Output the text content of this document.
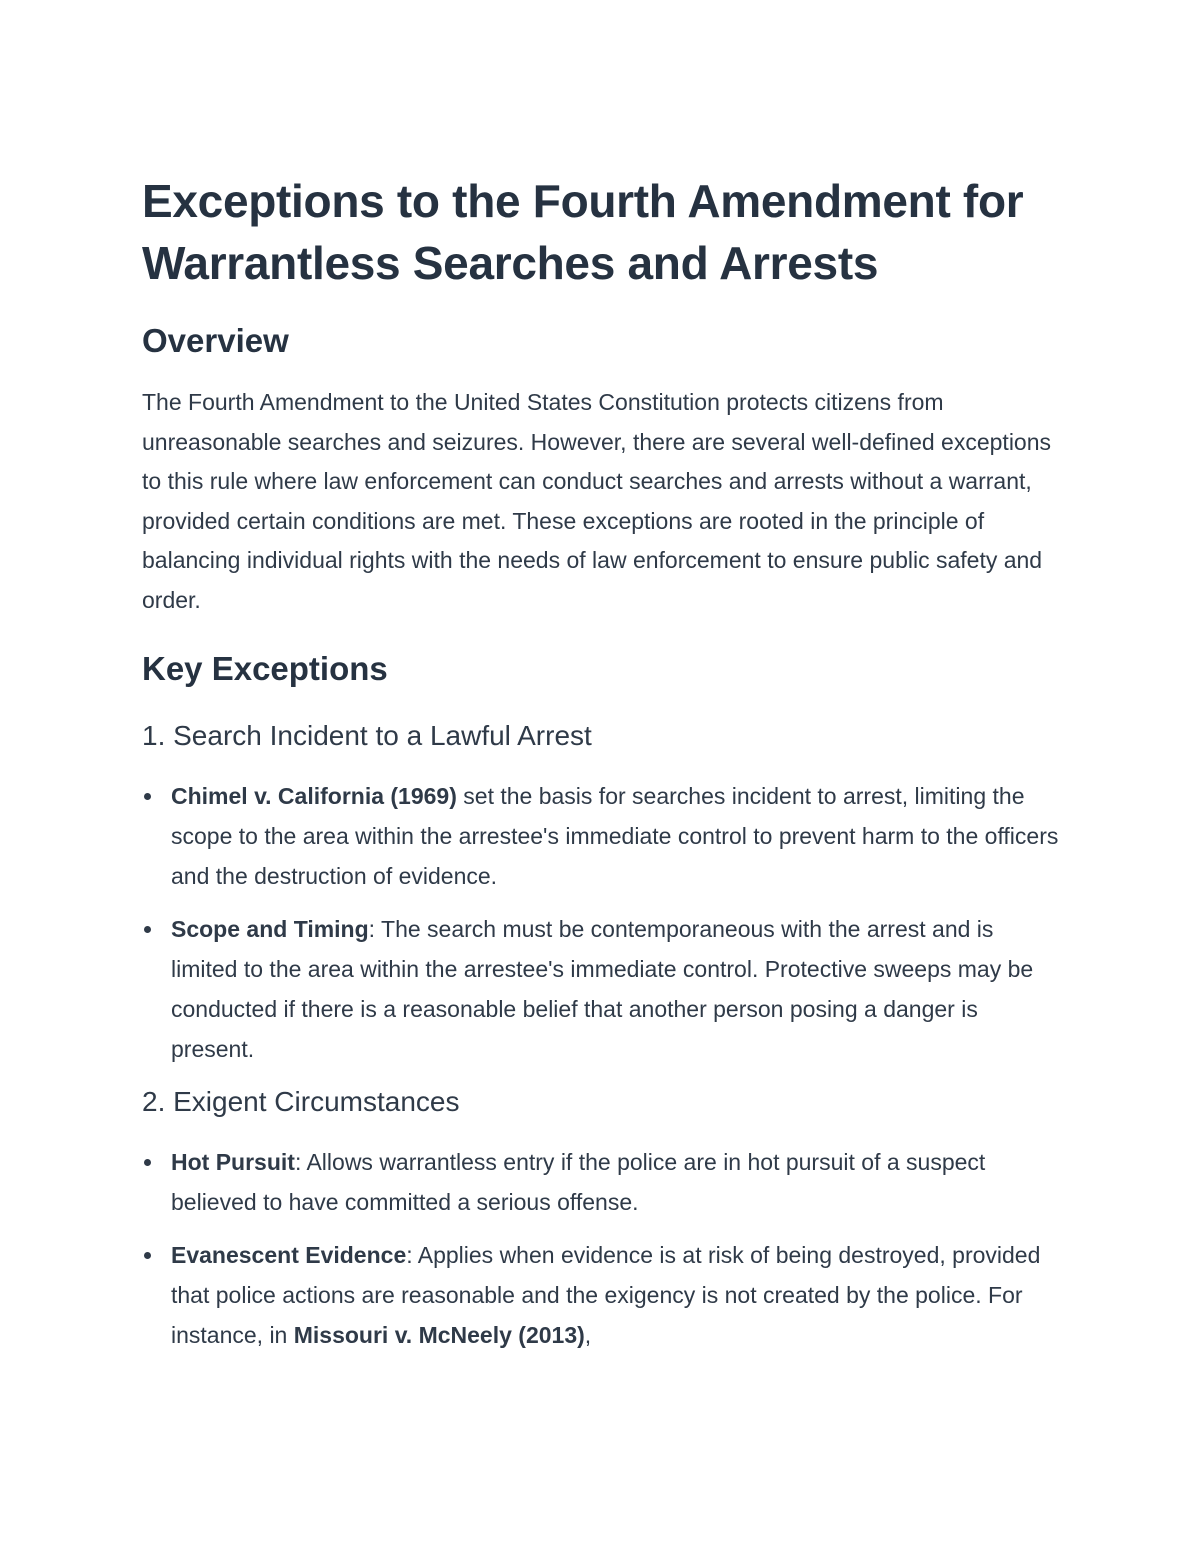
Exceptions to the Fourth Amendment for Warrantless Searches and Arrests
Overview

The Fourth Amendment to the United States Constitution protects citizens from unreasonable searches and seizures. However, there are several well-defined exceptions to this rule where law enforcement can conduct searches and arrests without a warrant, provided certain conditions are met. These exceptions are rooted in the principle of balancing individual rights with the needs of law enforcement to ensure public safety and order.

Key Exceptions
1. Search Incident to a Lawful Arrest
Chimel v. California (1969) set the basis for searches incident to arrest, limiting the scope to the area within the arrestee's immediate control to prevent harm to the officers and the destruction of evidence.
Scope and Timing: The search must be contemporaneous with the arrest and is limited to the area within the arrestee's immediate control. Protective sweeps may be conducted if there is a reasonable belief that another person posing a danger is present.
2. Exigent Circumstances
Hot Pursuit: Allows warrantless entry if the police are in hot pursuit of a suspect believed to have committed a serious offense.
Evanescent Evidence: Applies when evidence is at risk of being destroyed, provided that police actions are reasonable and the exigency is not created by the police. For instance, in Missouri v. McNeely (2013),
